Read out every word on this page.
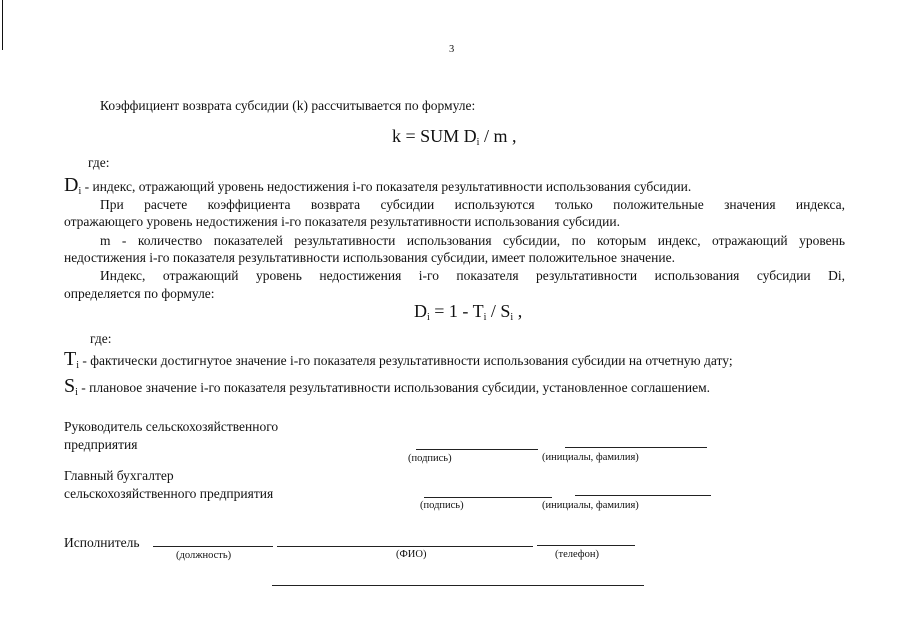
3
Коэффициент возврата субсидии (k) рассчитывается по формуле:
k = SUM $D_i$ / m ,
где:
$D_i$ - индекс, отражающий уровень недостижения i-го показателя результативности использования субсидии.
При расчете коэффициента возврата субсидии используются только положительные значения индекса,
отражающего уровень недостижения i-го показателя результативности использования субсидии.
m - количество показателей результативности использования субсидии, по которым индекс, отражающий уровень
недостижения i-го показателя результативности использования субсидии, имеет положительное значение.
Индекс, отражающий уровень недостижения i-го показателя результативности использования субсидии Di,
определяется по формуле:
$D_i = 1 - T_i / S_i$ ,
где:
$T_i$ - фактически достигнутое значение i-го показателя результативности использования субсидии на отчетную дату;
$S_i$ - плановое значение i-го показателя результативности использования субсидии, установленное соглашением.
Руководитель сельскохозяйственного
предприятия
(подпись)	(инициалы, фамилия)
Главный бухгалтер
сельскохозяйственного предприятия
(подпись)	(инициалы, фамилия)
Исполнитель
(должность)	(ФИО)	(телефон)
